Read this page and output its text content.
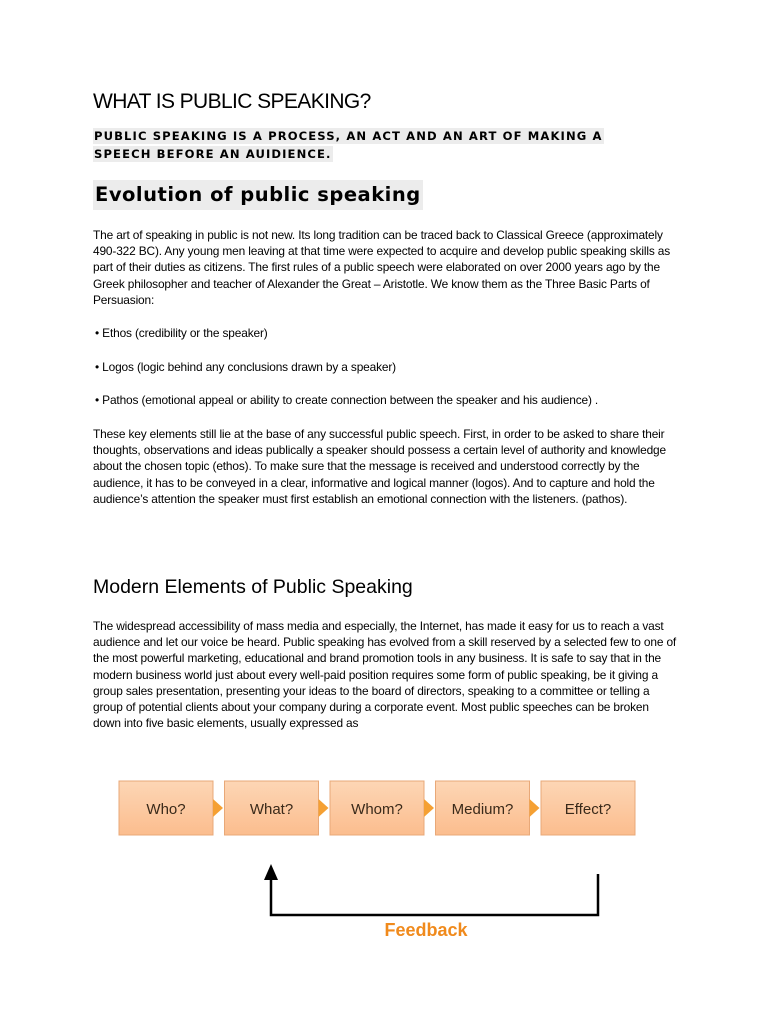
WHAT IS PUBLIC SPEAKING?

PUBLIC SPEAKING IS A PROCESS, AN ACT AND AN ART OF MAKING A SPEECH BEFORE AN AUIDIENCE.

Evolution of public speaking

The art of speaking in public is not new. Its long tradition can be traced back to Classical Greece (approximately 490-322 BC). Any young men leaving at that time were expected to acquire and develop public speaking skills as part of their duties as citizens. The first rules of a public speech were elaborated on over 2000 years ago by the Greek philosopher and teacher of Alexander the Great – Aristotle. We know them as the Three Basic Parts of Persuasion:

• Ethos (credibility or the speaker)

• Logos (logic behind any conclusions drawn by a speaker)

• Pathos (emotional appeal or ability to create connection between the speaker and his audience) .

These key elements still lie at the base of any successful public speech. First, in order to be asked to share their thoughts, observations and ideas publically a speaker should possess a certain level of authority and knowledge about the chosen topic (ethos). To make sure that the message is received and understood correctly by the audience, it has to be conveyed in a clear, informative and logical manner (logos). And to capture and hold the audience’s attention the speaker must first establish an emotional connection with the listeners. (pathos).

Modern Elements of Public Speaking

The widespread accessibility of mass media and especially, the Internet, has made it easy for us to reach a vast audience and let our voice be heard. Public speaking has evolved from a skill reserved by a selected few to one of the most powerful marketing, educational and brand promotion tools in any business. It is safe to say that in the modern business world just about every well-paid position requires some form of public speaking, be it giving a group sales presentation, presenting your ideas to the board of directors, speaking to a committee or telling a group of potential clients about your company during a corporate event. Most public speeches can be broken down into five basic elements, usually expressed as

Who?	What?	Whom?	Medium?	Effect?
Feedback
